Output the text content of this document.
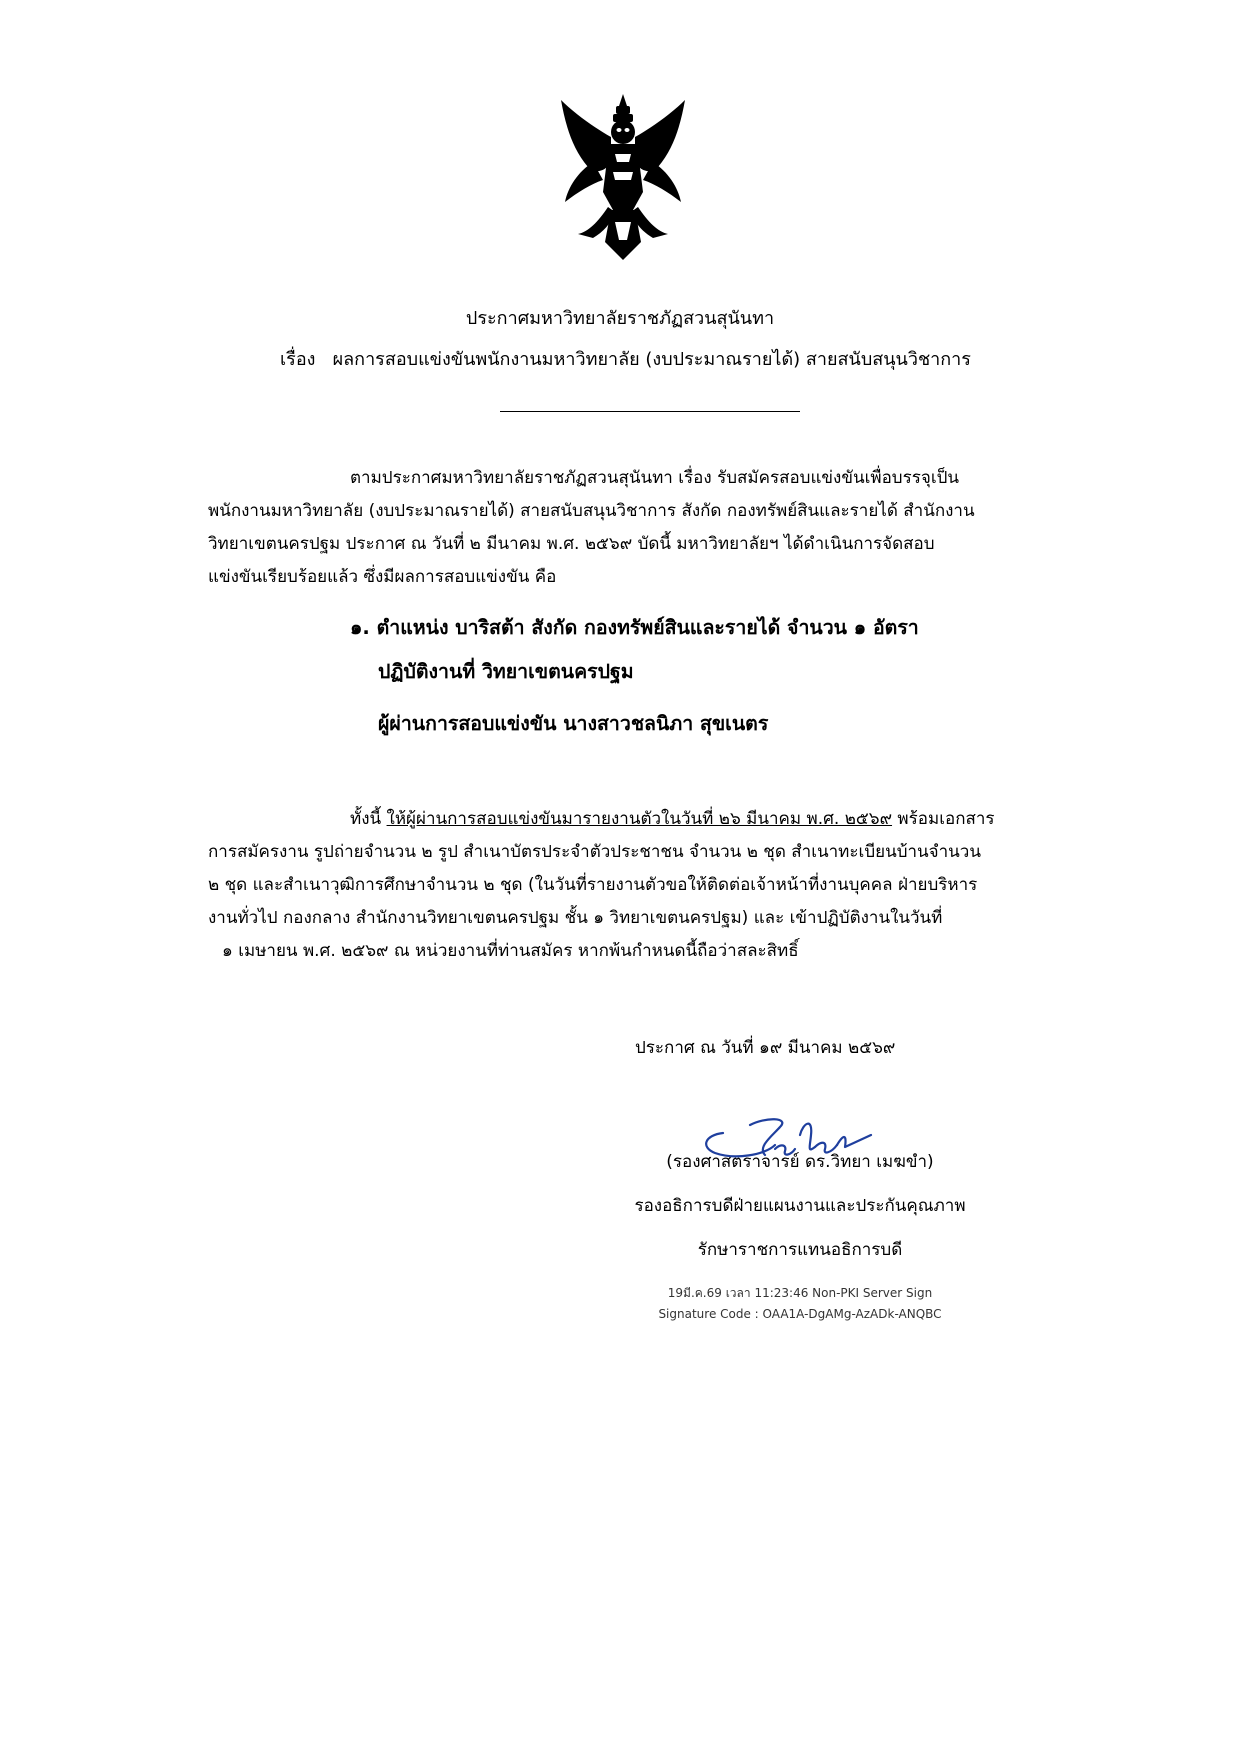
ประกาศมหาวิทยาลัยราชภัฏสวนสุนันทา
เรื่อง ผลการสอบแข่งขันพนักงานมหาวิทยาลัย (งบประมาณรายได้) สายสนับสนุนวิชาการ
ตามประกาศมหาวิทยาลัยราชภัฏสวนสุนันทา เรื่อง รับสมัครสอบแข่งขันเพื่อบรรจุเป็น
พนักงานมหาวิทยาลัย (งบประมาณรายได้) สายสนับสนุนวิชาการ สังกัด กองทรัพย์สินและรายได้ สำนักงาน
วิทยาเขตนครปฐม ประกาศ ณ วันที่ ๒ มีนาคม พ.ศ. ๒๕๖๙ บัดนี้ มหาวิทยาลัยฯ ได้ดำเนินการจัดสอบ
แข่งขันเรียบร้อยแล้ว ซึ่งมีผลการสอบแข่งขัน คือ
๑. ตำแหน่ง บาริสต้า สังกัด กองทรัพย์สินและรายได้ จำนวน ๑ อัตรา
ปฏิบัติงานที่ วิทยาเขตนครปฐม
ผู้ผ่านการสอบแข่งขัน นางสาวชลนิภา สุขเนตร
ทั้งนี้ ให้ผู้ผ่านการสอบแข่งขันมารายงานตัวในวันที่ ๒๖ มีนาคม พ.ศ. ๒๕๖๙ พร้อมเอกสาร
การสมัครงาน รูปถ่ายจำนวน ๒ รูป สำเนาบัตรประจำตัวประชาชน จำนวน ๒ ชุด สำเนาทะเบียนบ้านจำนวน
๒ ชุด และสำเนาวุฒิการศึกษาจำนวน ๒ ชุด (ในวันที่รายงานตัวขอให้ติดต่อเจ้าหน้าที่งานบุคคล ฝ่ายบริหาร
งานทั่วไป กองกลาง สำนักงานวิทยาเขตนครปฐม ชั้น ๑ วิทยาเขตนครปฐม) และ เข้าปฏิบัติงานในวันที่
๑ เมษายน พ.ศ. ๒๕๖๙ ณ หน่วยงานที่ท่านสมัคร หากพ้นกำหนดนี้ถือว่าสละสิทธิ์
ประกาศ ณ วันที่ ๑๙ มีนาคม ๒๕๖๙
(รองศาสตราจารย์ ดร.วิทยา เมฆขำ)
รองอธิการบดีฝ่ายแผนงานและประกันคุณภาพ
รักษาราชการแทนอธิการบดี
19มี.ค.69 เวลา 11:23:46 Non-PKI Server Sign
Signature Code : OAA1A-DgAMg-AzADk-ANQBC
